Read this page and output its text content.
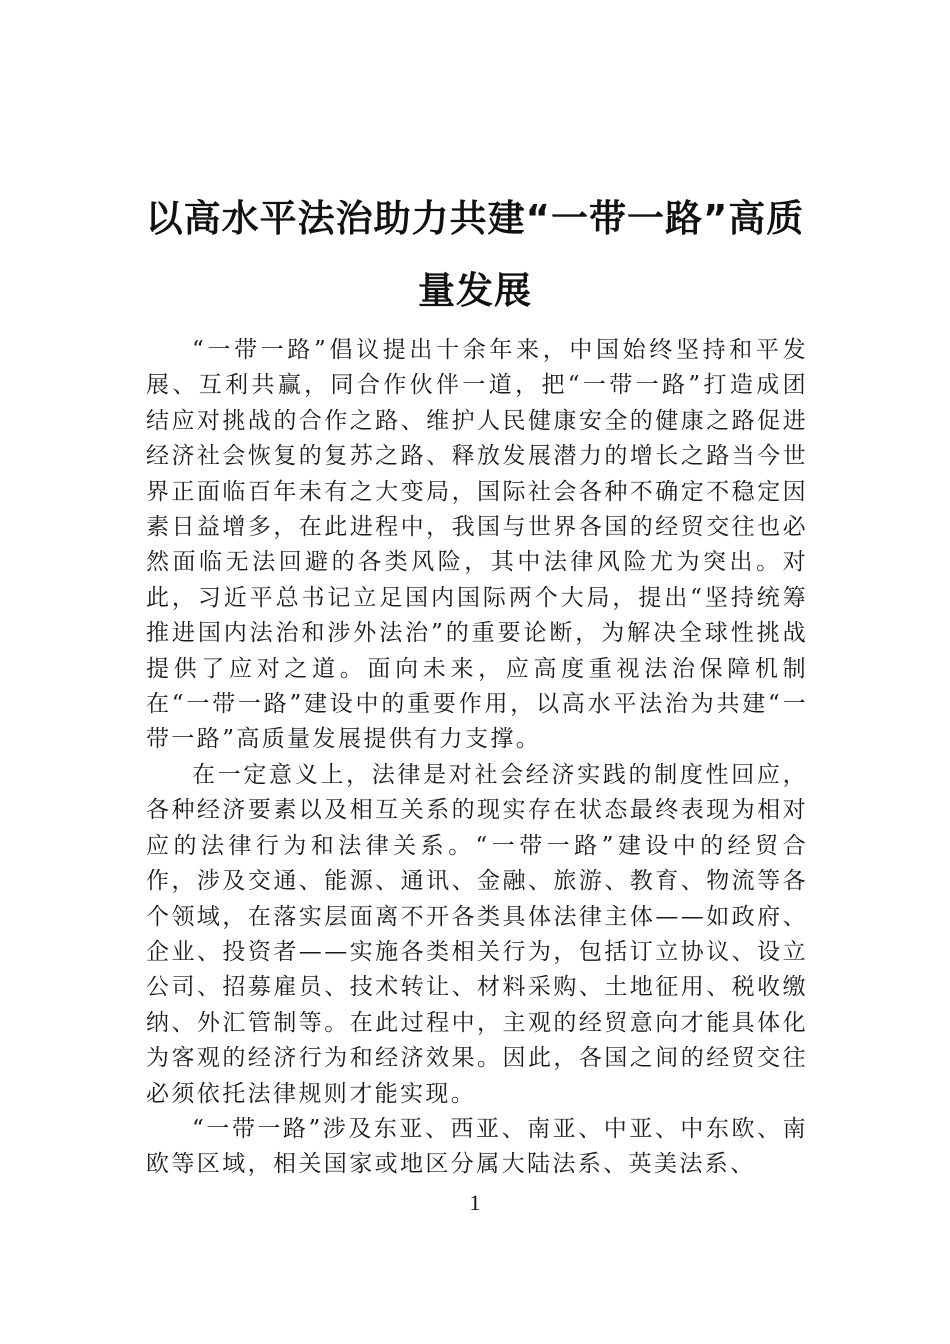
以高水平法治助力共建“一带一路”高质量发展

“一带一路”倡议提出十余年来，中国始终坚持和平发展、互利共赢，同合作伙伴一道，把“一带一路”打造成团结应对挑战的合作之路、维护人民健康安全的健康之路促进经济社会恢复的复苏之路、释放发展潜力的增长之路当今世界正面临百年未有之大变局，国际社会各种不确定不稳定因素日益增多，在此进程中，我国与世界各国的经贸交往也必然面临无法回避的各类风险，其中法律风险尤为突出。对此，习近平总书记立足国内国际两个大局，提出“坚持统筹推进国内法治和涉外法治”的重要论断，为解决全球性挑战提供了应对之道。面向未来，应高度重视法治保障机制在“一带一路”建设中的重要作用，以高水平法治为共建“一带一路”高质量发展提供有力支撑。

在一定意义上，法律是对社会经济实践的制度性回应，各种经济要素以及相互关系的现实存在状态最终表现为相对应的法律行为和法律关系。“一带一路”建设中的经贸合作，涉及交通、能源、通讯、金融、旅游、教育、物流等各个领域，在落实层面离不开各类具体法律主体——如政府、企业、投资者——实施各类相关行为，包括订立协议、设立公司、招募雇员、技术转让、材料采购、土地征用、税收缴纳、外汇管制等。在此过程中，主观的经贸意向才能具体化为客观的经济行为和经济效果。因此，各国之间的经贸交往必须依托法律规则才能实现。

“一带一路”涉及东亚、西亚、南亚、中亚、中东欧、南欧等区域，相关国家或地区分属大陆法系、英美法系、

1
